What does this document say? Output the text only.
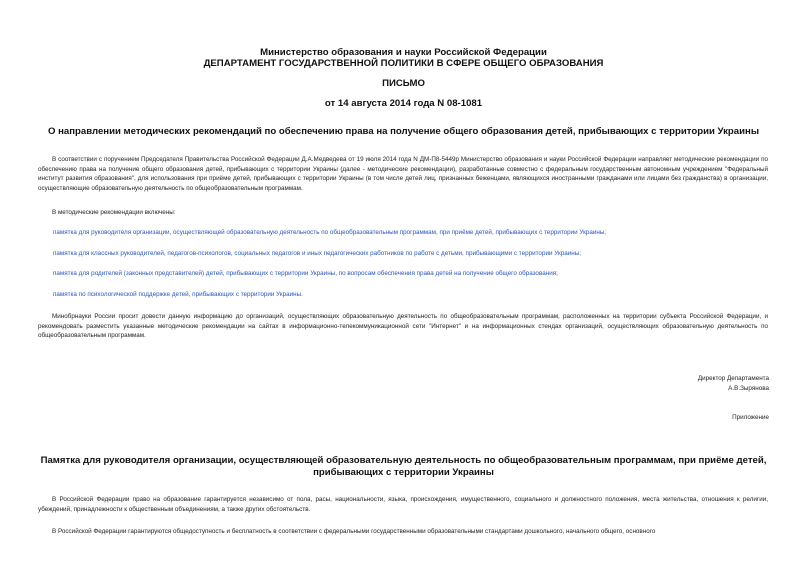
Министерство образования и науки Российской Федерации
ДЕПАРТАМЕНТ ГОСУДАРСТВЕННОЙ ПОЛИТИКИ В СФЕРЕ ОБЩЕГО ОБРАЗОВАНИЯ
ПИСЬМО
от 14 августа 2014 года N 08-1081
О направлении методических рекомендаций по обеспечению права на получение общего образования детей, прибывающих с территории Украины
В соответствии с поручением Председателя Правительства Российской Федерации Д.А.Медведева от 19 июля 2014 года N ДМ-П8-5449р Министерство образования и науки Российской Федерации направляет методические рекомендации по обеспечению права на получение общего образования детей, прибывающих с территории Украины (далее - методические рекомендации), разработанные совместно с федеральным государственным автономным учреждением "Федеральный институт развития образования", для использования при приёме детей, прибывающих с территории Украины (в том числе детей лиц, признанных беженцами, являющихся иностранными гражданами или лицами без гражданства) в организации, осуществляющие образовательную деятельность по общеобразовательным программам.
В методические рекомендации включены:
памятка для руководителя организации, осуществляющей образовательную деятельность по общеобразовательным программам, при приёме детей, прибывающих с территории Украины;
памятка для классных руководителей, педагогов-психологов, социальных педагогов и иных педагогических работников по работе с детьми, прибывающими с территории Украины;
памятка для родителей (законных представителей) детей, прибывающих с территории Украины, по вопросам обеспечения права детей на получение общего образования;
памятка по психологической поддержке детей, прибывающих с территории Украины.
Минобрнауки России просит довести данную информацию до организаций, осуществляющих образовательную деятельность по общеобразовательным программам, расположенных на территории субъекта Российской Федерации, и рекомендовать разместить указанные методические рекомендации на сайтах в информационно-телекоммуникационной сети "Интернет" и на информационных стендах организаций, осуществляющих образовательную деятельность по общеобразовательным программам.
Директор Департамента
А.В.Зырянова
Приложение
Памятка для руководителя организации, осуществляющей образовательную деятельность по общеобразовательным программам, при приёме детей,
прибывающих с территории Украины
В Российской Федерации право на образование гарантируется независимо от пола, расы, национальности, языка, происхождения, имущественного, социального и должностного положения, места жительства, отношения к религии, убеждений, принадлежности к общественным объединениям, а также других обстоятельств.
В Российской Федерации гарантируются общедоступность и бесплатность в соответствии с федеральными государственными образовательными стандартами дошкольного, начального общего, основного
